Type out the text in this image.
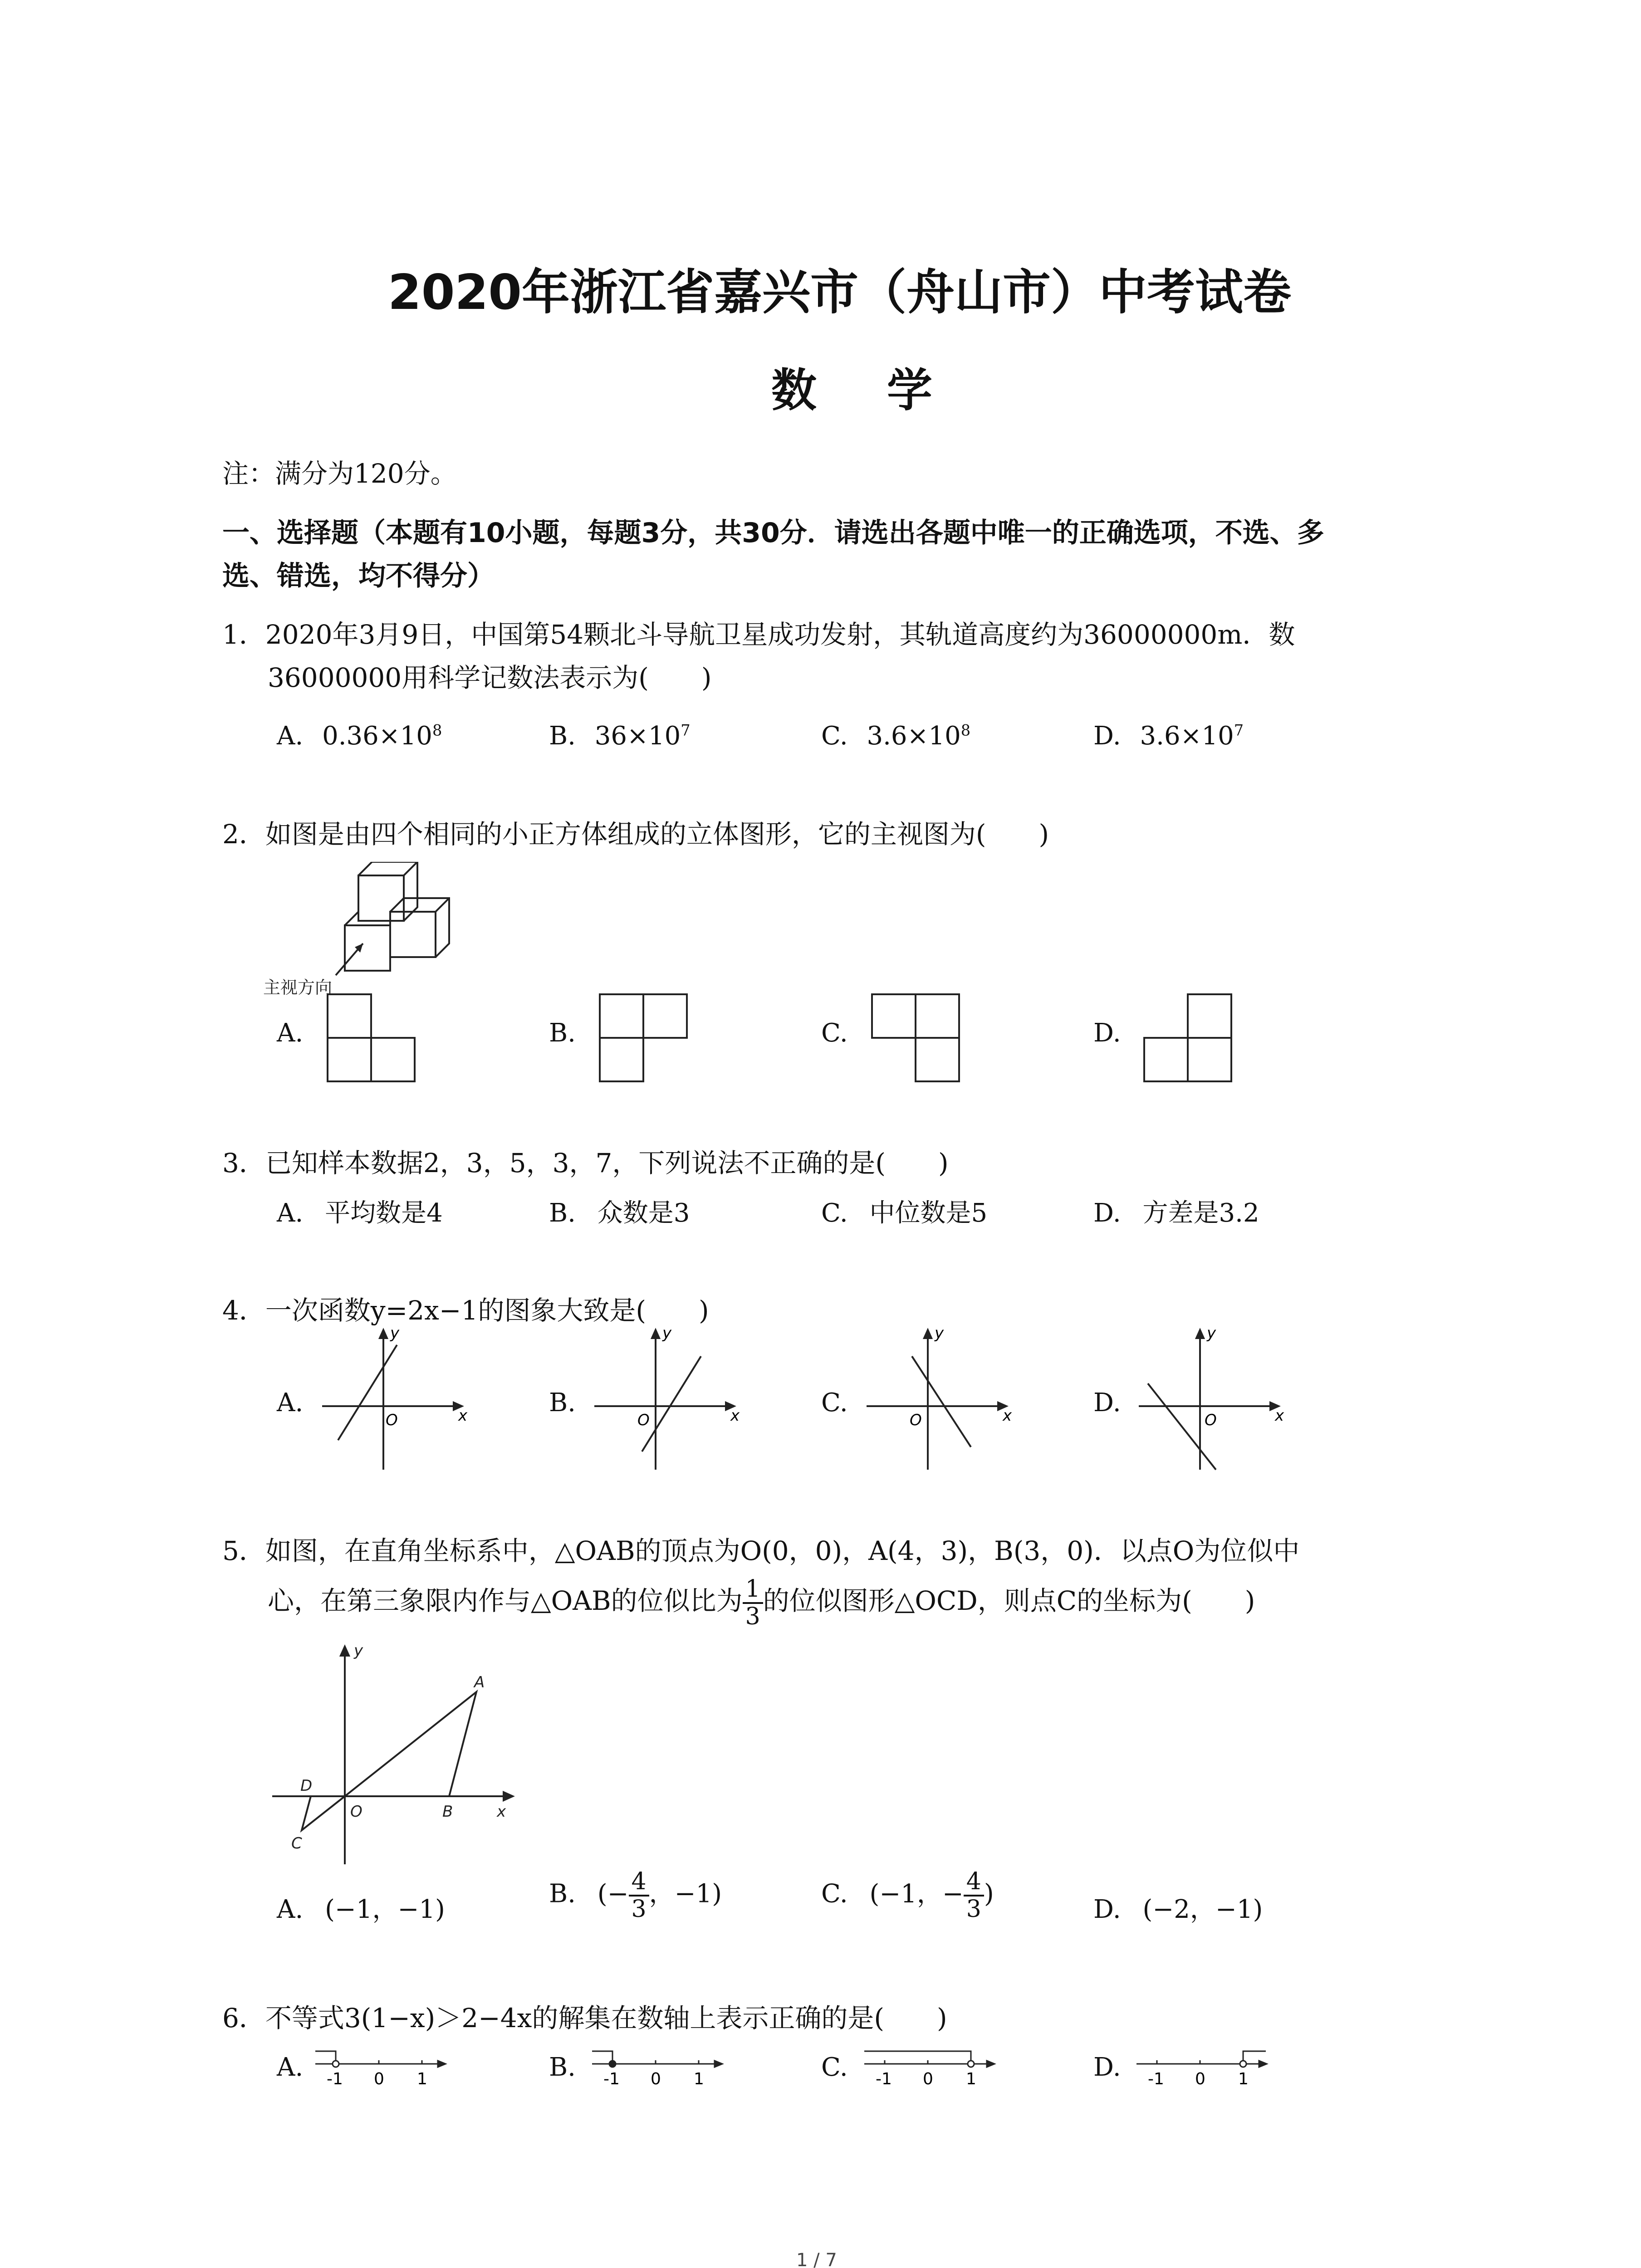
2020年浙江省嘉兴市（舟山市）中考试卷
数 学
注：满分为120分。
一、选择题（本题有10小题，每题3分，共30分．请选出各题中唯一的正确选项，不选、多
选、错选，均不得分）
1．2020年3月9日，中国第54颗北斗导航卫星成功发射，其轨道高度约为36000000m．数
36000000用科学记数法表示为(　　)
A. $0.36\times 10^8$	B. $36\times 10^7$	C. $3.6\times 10^8$	D. $3.6\times 10^7$
2．如图是由四个相同的小正方体组成的立体图形，它的主视图为(　　)
主视方向
A.	B.	C.	D.
3．已知样本数据2，3，5，3，7，下列说法不正确的是(　　)
A. 平均数是4	B. 众数是3	C. 中位数是5	D. 方差是3.2
4．一次函数y=2x−1的图象大致是(　　)
A.	x
y
O
B.	x
y
O
C.	x
y
O
D.	x
y
O
5．如图，在直角坐标系中，△OAB的顶点为O(0，0)，A(4，3)，B(3，0)．以点O为位似中
心，在第三象限内作与△OAB的位似比为 $\frac{1}{3}$ 的位似图形△OCD，则点C的坐标为(　　)
y
x
A
B
C
D
O
A. (−1，−1)
B. (− $\frac{4}{3}$ ，−1)	C. (−1，− $\frac{4}{3}$ )
D. (−2，−1)
6．不等式3(1−x)＞2−4x的解集在数轴上表示正确的是(　　)
A. -1 0 1	B. -1 0 1	C. -1 0 1	D. -1 0 1
1 / 7
